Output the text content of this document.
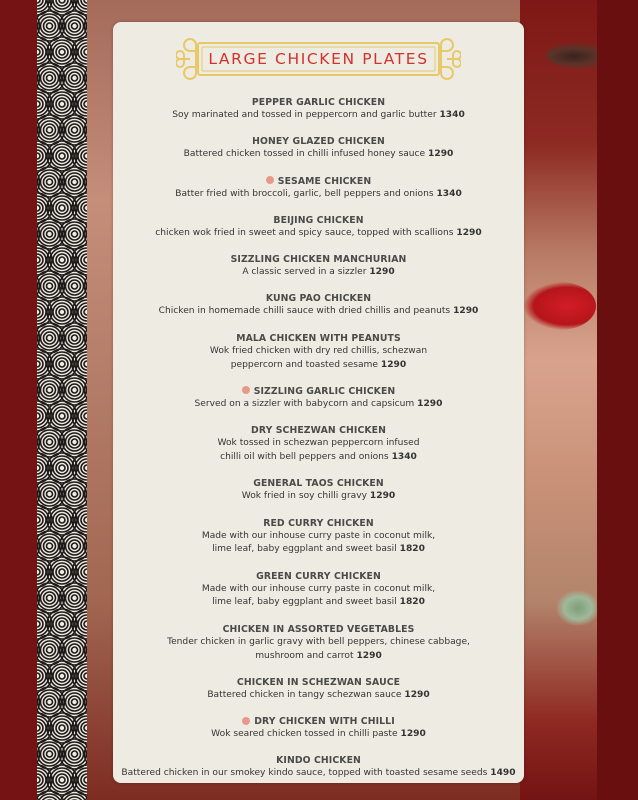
LARGE CHICKEN PLATES
PEPPER GARLIC CHICKEN
Soy marinated and tossed in peppercorn and garlic butter 1340
HONEY GLAZED CHICKEN
Battered chicken tossed in chilli infused honey sauce 1290
SESAME CHICKEN
Batter fried with broccoli, garlic, bell peppers and onions 1340
BEIJING CHICKEN
chicken wok fried in sweet and spicy sauce, topped with scallions 1290
SIZZLING CHICKEN MANCHURIAN
A classic served in a sizzler 1290
KUNG PAO CHICKEN
Chicken in homemade chilli sauce with dried chillis and peanuts 1290
MALA CHICKEN WITH PEANUTS
Wok fried chicken with dry red chillis, schezwan
peppercorn and toasted sesame 1290
SIZZLING GARLIC CHICKEN
Served on a sizzler with babycorn and capsicum 1290
DRY SCHEZWAN CHICKEN
Wok tossed in schezwan peppercorn infused
chilli oil with bell peppers and onions 1340
GENERAL TAOS CHICKEN
Wok fried in soy chilli gravy 1290
RED CURRY CHICKEN
Made with our inhouse curry paste in coconut milk,
lime leaf, baby eggplant and sweet basil 1820
GREEN CURRY CHICKEN
Made with our inhouse curry paste in coconut milk,
lime leaf, baby eggplant and sweet basil 1820
CHICKEN IN ASSORTED VEGETABLES
Tender chicken in garlic gravy with bell peppers, chinese cabbage,
mushroom and carrot 1290
CHICKEN IN SCHEZWAN SAUCE
Battered chicken in tangy schezwan sauce 1290
DRY CHICKEN WITH CHILLI
Wok seared chicken tossed in chilli paste 1290
KINDO CHICKEN
Battered chicken in our smokey kindo sauce, topped with toasted sesame seeds 1490
